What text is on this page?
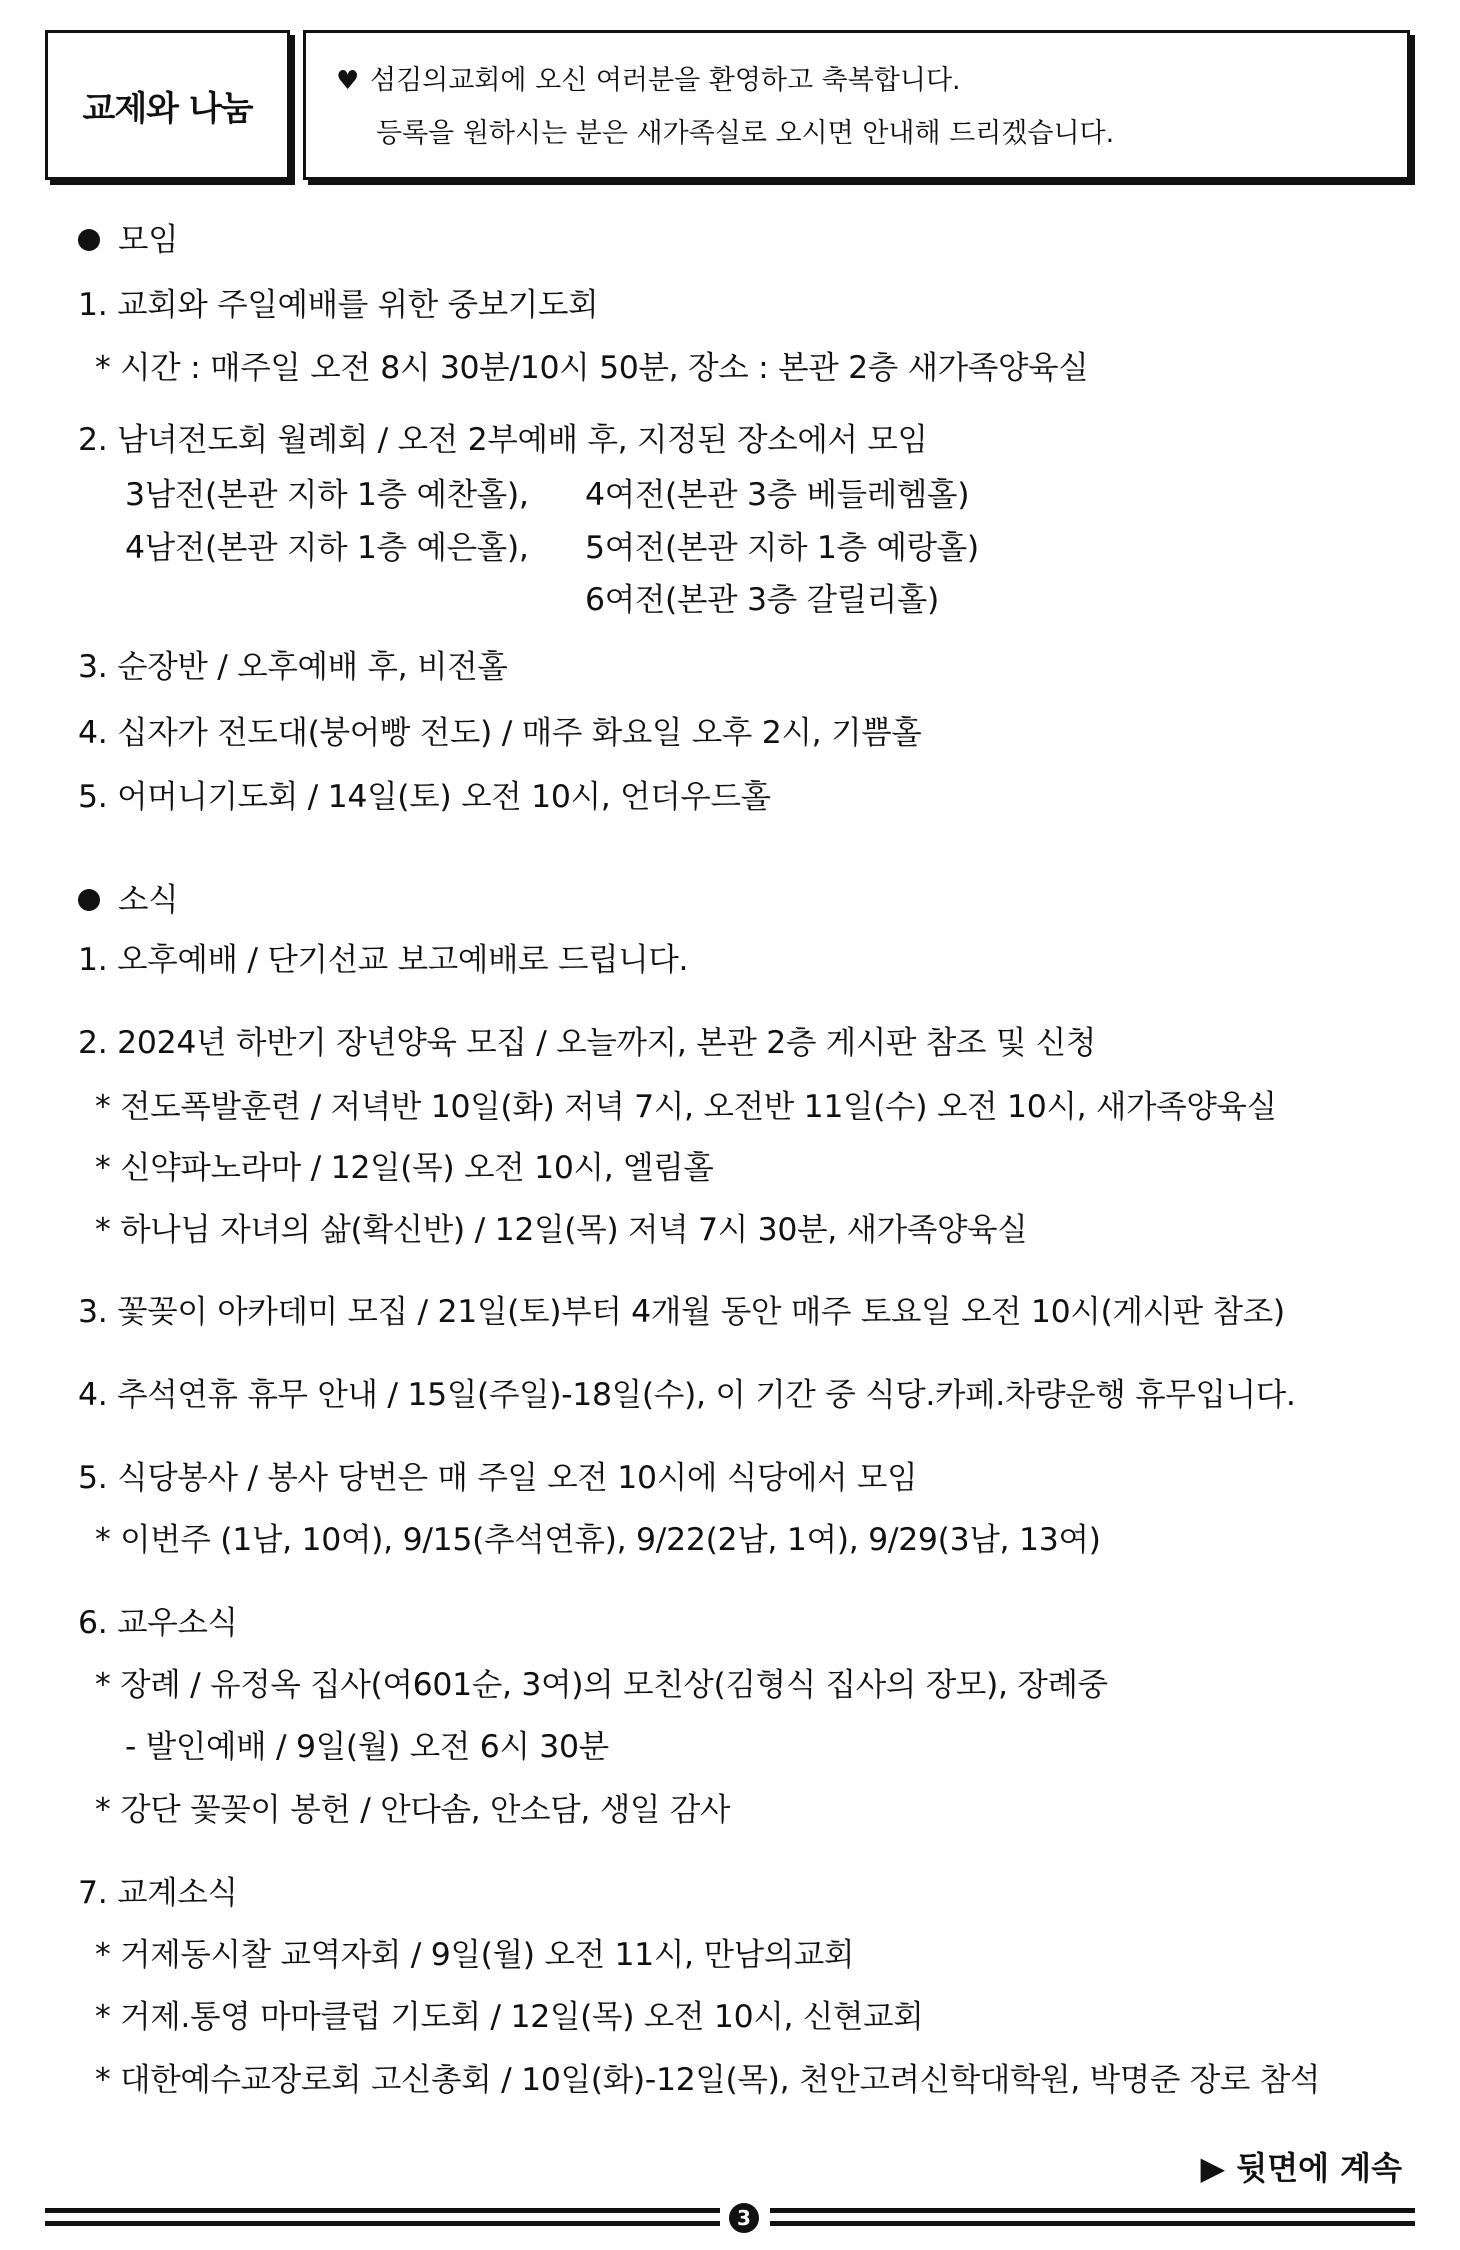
교제와 나눔
♥ 섬김의교회에 오신 여러분을 환영하고 축복합니다.
등록을 원하시는 분은 새가족실로 오시면 안내해 드리겠습니다.
모임
1. 교회와 주일예배를 위한 중보기도회
* 시간 : 매주일 오전 8시 30분/10시 50분, 장소 : 본관 2층 새가족양육실
2. 남녀전도회 월례회 / 오전 2부예배 후, 지정된 장소에서 모임
3남전(본관 지하 1층 예찬홀), 4여전(본관 3층 베들레헴홀)
4남전(본관 지하 1층 예은홀), 5여전(본관 지하 1층 예랑홀)
6여전(본관 3층 갈릴리홀)
3. 순장반 / 오후예배 후, 비전홀
4. 십자가 전도대(붕어빵 전도) / 매주 화요일 오후 2시, 기쁨홀
5. 어머니기도회 / 14일(토) 오전 10시, 언더우드홀
소식
1. 오후예배 / 단기선교 보고예배로 드립니다.
2. 2024년 하반기 장년양육 모집 / 오늘까지, 본관 2층 게시판 참조 및 신청
* 전도폭발훈련 / 저녁반 10일(화) 저녁 7시, 오전반 11일(수) 오전 10시, 새가족양육실
* 신약파노라마 / 12일(목) 오전 10시, 엘림홀
* 하나님 자녀의 삶(확신반) / 12일(목) 저녁 7시 30분, 새가족양육실
3. 꽃꽂이 아카데미 모집 / 21일(토)부터 4개월 동안 매주 토요일 오전 10시(게시판 참조)
4. 추석연휴 휴무 안내 / 15일(주일)-18일(수), 이 기간 중 식당.카페.차량운행 휴무입니다.
5. 식당봉사 / 봉사 당번은 매 주일 오전 10시에 식당에서 모임
* 이번주 (1남, 10여), 9/15(추석연휴), 9/22(2남, 1여), 9/29(3남, 13여)
6. 교우소식
* 장례 / 유정옥 집사(여601순, 3여)의 모친상(김형식 집사의 장모), 장례중
- 발인예배 / 9일(월) 오전 6시 30분
* 강단 꽃꽂이 봉헌 / 안다솜, 안소담, 생일 감사
7. 교계소식
* 거제동시찰 교역자회 / 9일(월) 오전 11시, 만남의교회
* 거제.통영 마마클럽 기도회 / 12일(목) 오전 10시, 신현교회
* 대한예수교장로회 고신총회 / 10일(화)-12일(목), 천안고려신학대학원, 박명준 장로 참석
▶ 뒷면에 계속
3
